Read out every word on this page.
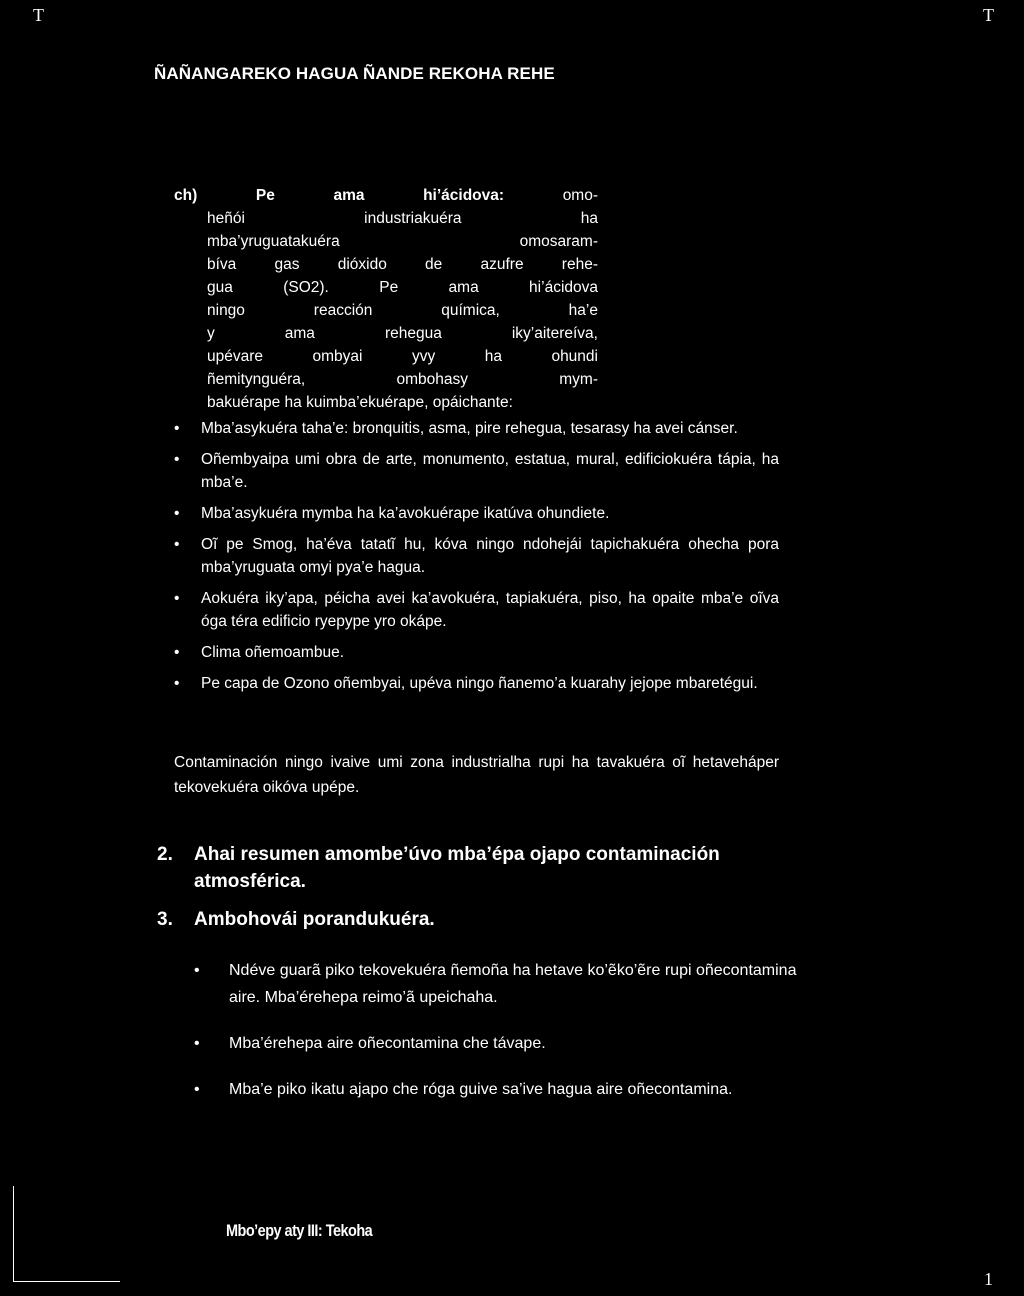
T	T
1
ÑAÑANGAREKO HAGUA ÑANDE REKOHA REHE
ch)	Pe ama hi’ácidova:	omo-
heñói industriakuéra ha
mba’yruguatakuéra omosaram-
bíva gas dióxido de azufre rehe-
gua (SO2). Pe ama hi’ácidova
ningo reacción química, ha’e
y ama rehegua iky’aitereíva,
upévare ombyai yvy ha ohundi
ñemitynguéra, ombohasy mym-
bakuérape ha kuimba’ekuérape, opáichante:
• Mba’asykuéra taha’e: bronquitis, asma, pire rehegua, tesarasy ha avei cánser.
• Oñembyaipa umi obra de arte, monumento, estatua, mural, edificiokuéra tápia, ha mba’e.
• Mba’asykuéra mymba ha ka’avokuérape ikatúva ohundiete.
• Oĩ pe Smog, ha’éva tatatĩ hu, kóva ningo ndohejái tapichakuéra ohecha pora mba’yruguata omyi pya’e hagua.
• Aokuéra iky’apa, péicha avei ka’avokuéra, tapiakuéra, piso, ha opaite mba’e oĩva óga téra edificio ryepype yro okápe.
• Clima oñemoambue.
• Pe capa de Ozono oñembyai, upéva ningo ñanemo’a kuarahy jejope mbaretégui.

Contaminación ningo ivaive umi zona industrialha rupi ha tavakuéra oĩ hetaveháper tekovekuéra oikóva upépe.

2.	Ahai resumen amombe’úvo mba’épa ojapo contaminación atmosférica.
3.	Ambohovái porandukuéra.
• Ndéve guarã piko tekovekuéra ñemoña ha hetave ko’ẽko’ẽre rupi oñecontamina aire. Mba’érehepa reimo’ã upeichaha.
• Mba’érehepa aire oñecontamina che távape.
• Mba’e piko ikatu ajapo che róga guive sa’ive hagua aire oñecontamina.
Mbo’epy aty III: Tekoha
